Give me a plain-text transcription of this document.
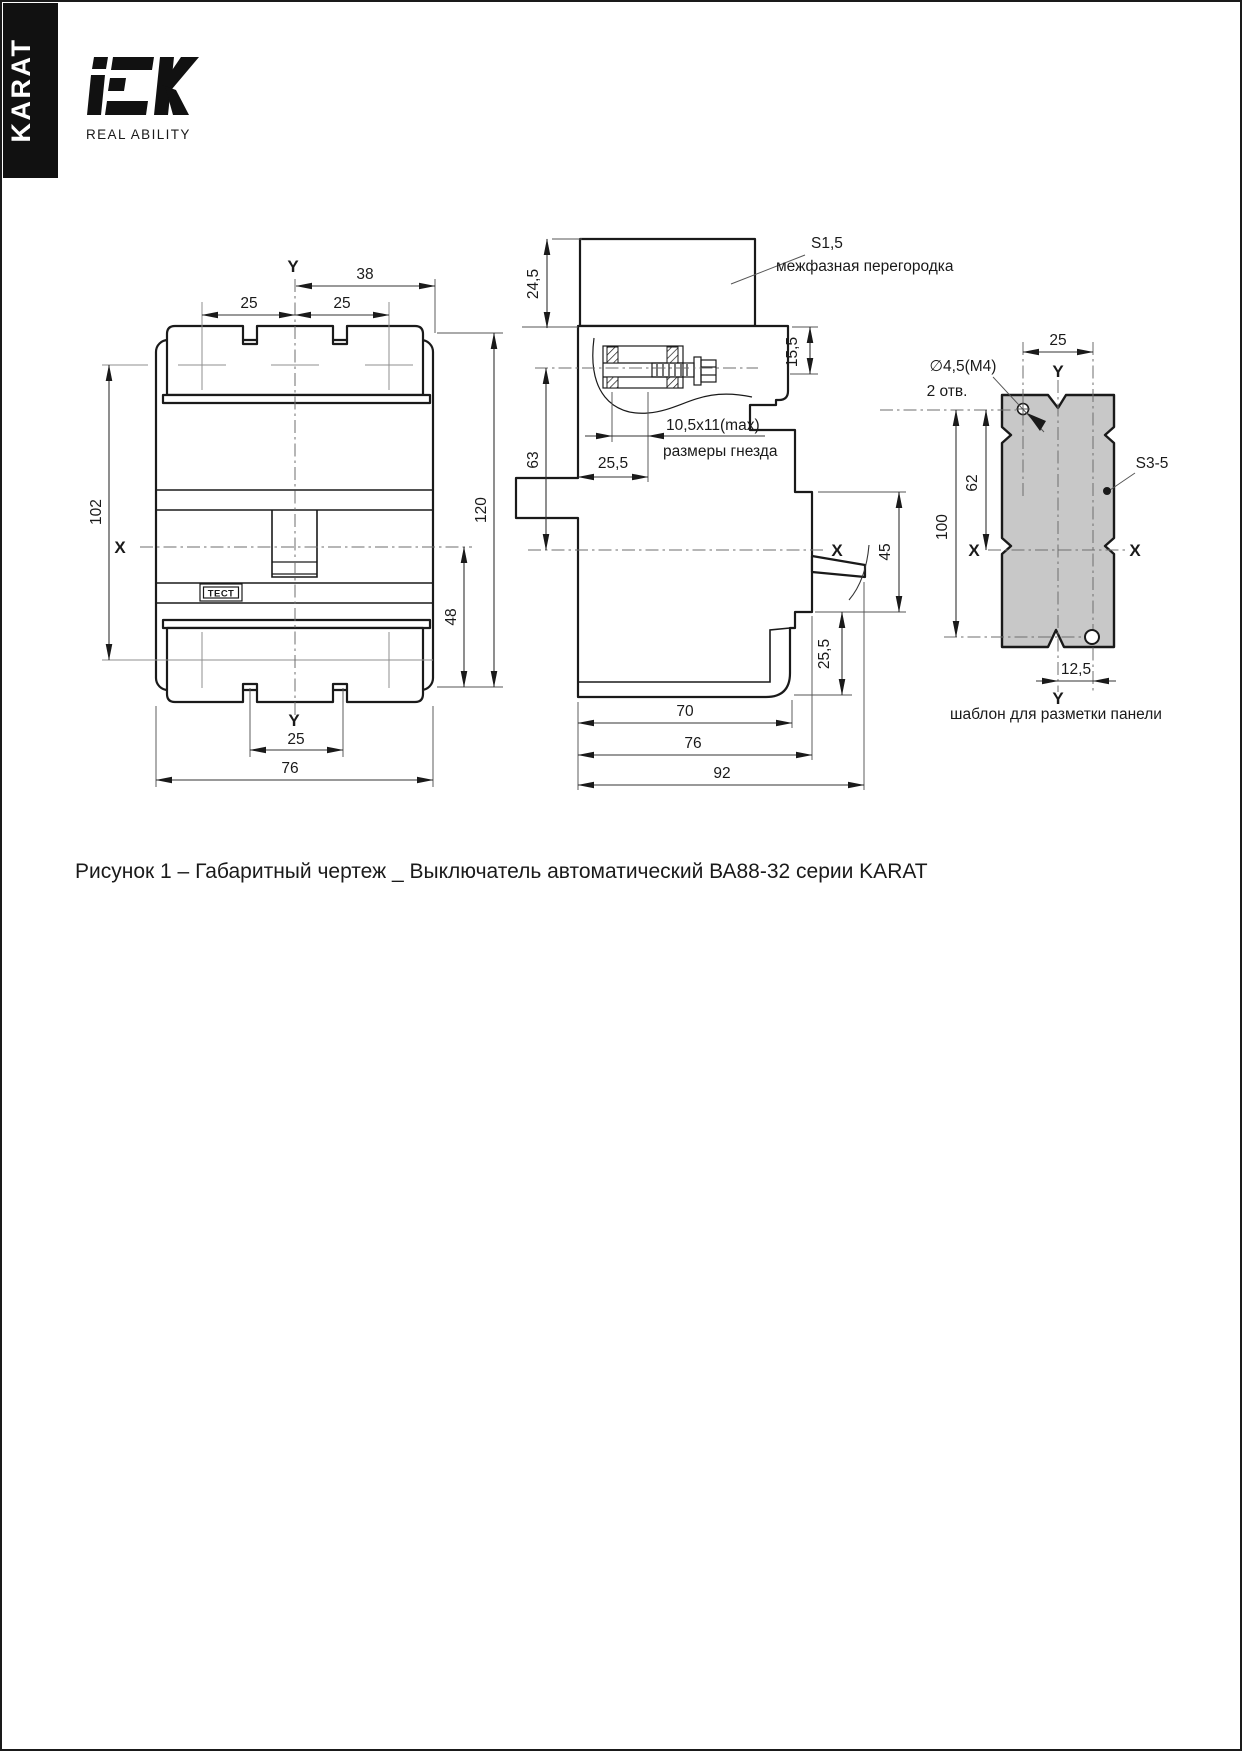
KARAT	REAL ABILITY
ТЕСТ
Y
X
38
25	25
102	120
48
Y
25
76
X
24,5
S1,5
межфазная перегородка
15,5
10,5x11(max)
размеры гнезда
25,5
63
45
25,5
70
76
92
∅4,5(M4)
2 отв.
S3-5
25
100
62
12,5
Y
Y
X	X
шаблон для разметки панели
Рисунок 1 – Габаритный чертеж _ Выключатель автоматический ВА88-32 серии KARAT
